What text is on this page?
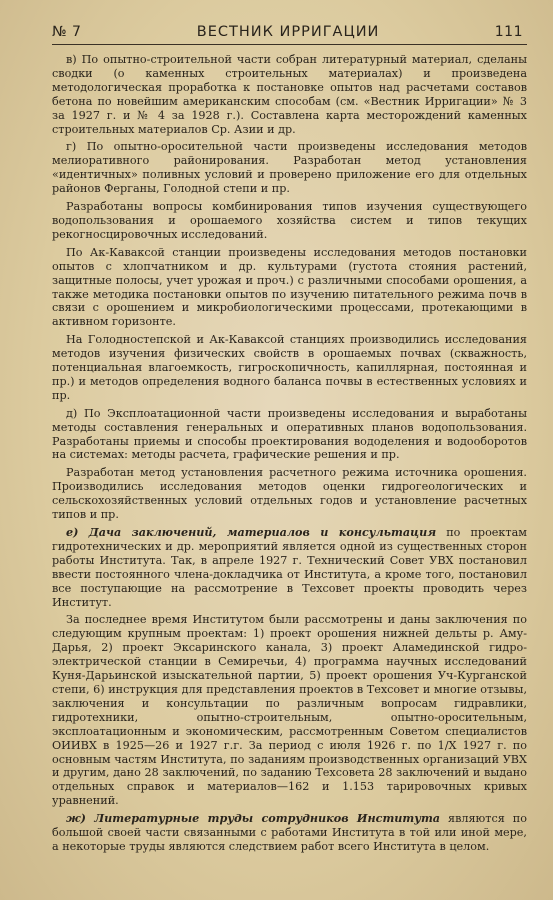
№ 7	ВЕСТНИК ИРРИГАЦИИ	111

в) По опытно-строительной части собран литературный материал, сделаны сводки (о каменных строительных материалах) и произведена методологическая проработка к постановке опытов над расчетами составов бетона по новейшим американским способам (см. «Вестник Ирригации» № 3 за 1927 г. и № 4 за 1928 г.). Составлена карта месторождений каменных строительных материалов Ср. Азии и др.

г) По опытно-оросительной части произведены исследования методов мелиоративного районирования. Разработан метод установления «идентичных» поливных условий и проверено приложение его для отдельных районов Ферганы, Голодной степи и пр.

Разработаны вопросы комбинирования типов изучения существующего водопользования и орошаемого хозяйства систем и типов текущих рекогносцировочных исследований.

По Ак-Каваксой станции произведены исследования методов постановки опытов с хлопчатником и др. культурами (густота стояния растений, защитные полосы, учет урожая и проч.) с различными способами орошения, а также методика постановки опытов по изучению питательного режима почв в связи с орошением и микробиологическими процессами, протекающими в активном горизонте.

На Голодностепской и Ак-Каваксой станциях производились исследования методов изучения физических свойств в орошаемых почвах (скважность, потенциальная влагоемкость, гигроскопичность, капиллярная, постоянная и пр.) и методов определения водного баланса почвы в естественных условиях и пр.

д) По Эксплоатационной части произведены исследования и выработаны методы составления генеральных и оперативных планов водопользования. Разработаны приемы и способы проектирования вододеления и водооборотов на системах: методы расчета, графические решения и пр.

Разработан метод установления расчетного режима источника орошения. Производились исследования методов оценки гидрогеологических и сельскохозяйственных условий отдельных годов и установление расчетных типов и пр.

е) Дача заключений, материалов и консультация по проектам гидротехнических и др. мероприятий является одной из существенных сторон работы Института. Так, в апреле 1927 г. Технический Совет УВХ постановил ввести постоянного члена-докладчика от Института, а кроме того, постановил все поступающие на рассмотрение в Техсовет проекты проводить через Институт.

За последнее время Институтом были рассмотрены и даны заключения по следующим крупным проектам: 1) проект орошения нижней дельты р. Аму-Дарья, 2) проект Эксаринского канала, 3) проект Аламединской гидро-электрической станции в Семиречьи, 4) программа научных исследований Куня-Дарьинской изыскательной партии, 5) проект орошения Уч-Курганской степи, 6) инструкция для представления проектов в Техсовет и многие отзывы, заключения и консультации по различным вопросам гидравлики, гидротехники, опытно-строительным, опытно-оросительным, эксплоатационным и экономическим, рассмотренным Советом специалистов ОИИВХ в 1925—26 и 1927 г.г. За период с июля 1926 г. по 1/Х 1927 г. по основным частям Института, по заданиям производственных организаций УВХ и другим, дано 28 заключений, по заданию Техсовета 28 заключений и выдано отдельных справок и материалов—162 и 1.153 тарировочных кривых уравнений.

ж) Литературные труды сотрудников Института являются по большой своей части связанными с работами Института в той или иной мере, а некоторые труды являются следствием работ всего Института в целом.
